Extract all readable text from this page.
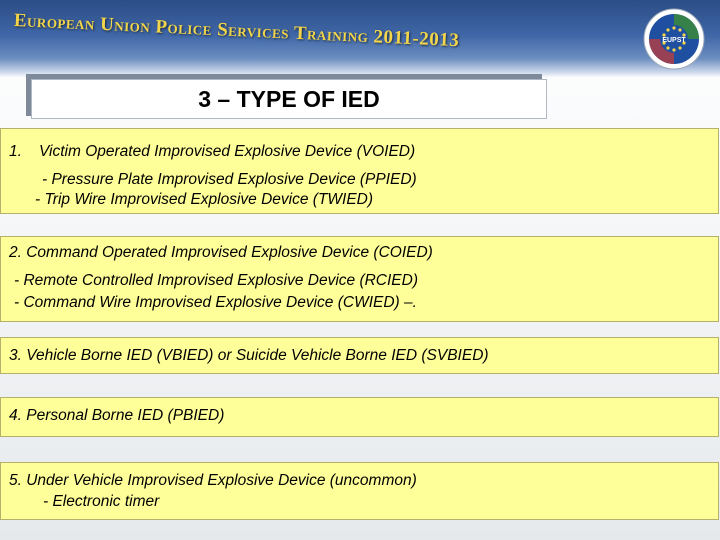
European Union Police Services Training 2011-2013	EUPST
3 – TYPE OF IED
1. Victim Operated Improvised Explosive Device (VOIED)
- Pressure Plate Improvised Explosive Device (PPIED)
- Trip Wire Improvised Explosive Device (TWIED)
2. Command Operated Improvised Explosive Device (COIED)
- Remote Controlled Improvised Explosive Device (RCIED)
- Command Wire Improvised Explosive Device (CWIED) –.
3. Vehicle Borne IED (VBIED) or Suicide Vehicle Borne IED (SVBIED)
4. Personal Borne IED (PBIED)
5. Under Vehicle Improvised Explosive Device (uncommon)
- Electronic timer
